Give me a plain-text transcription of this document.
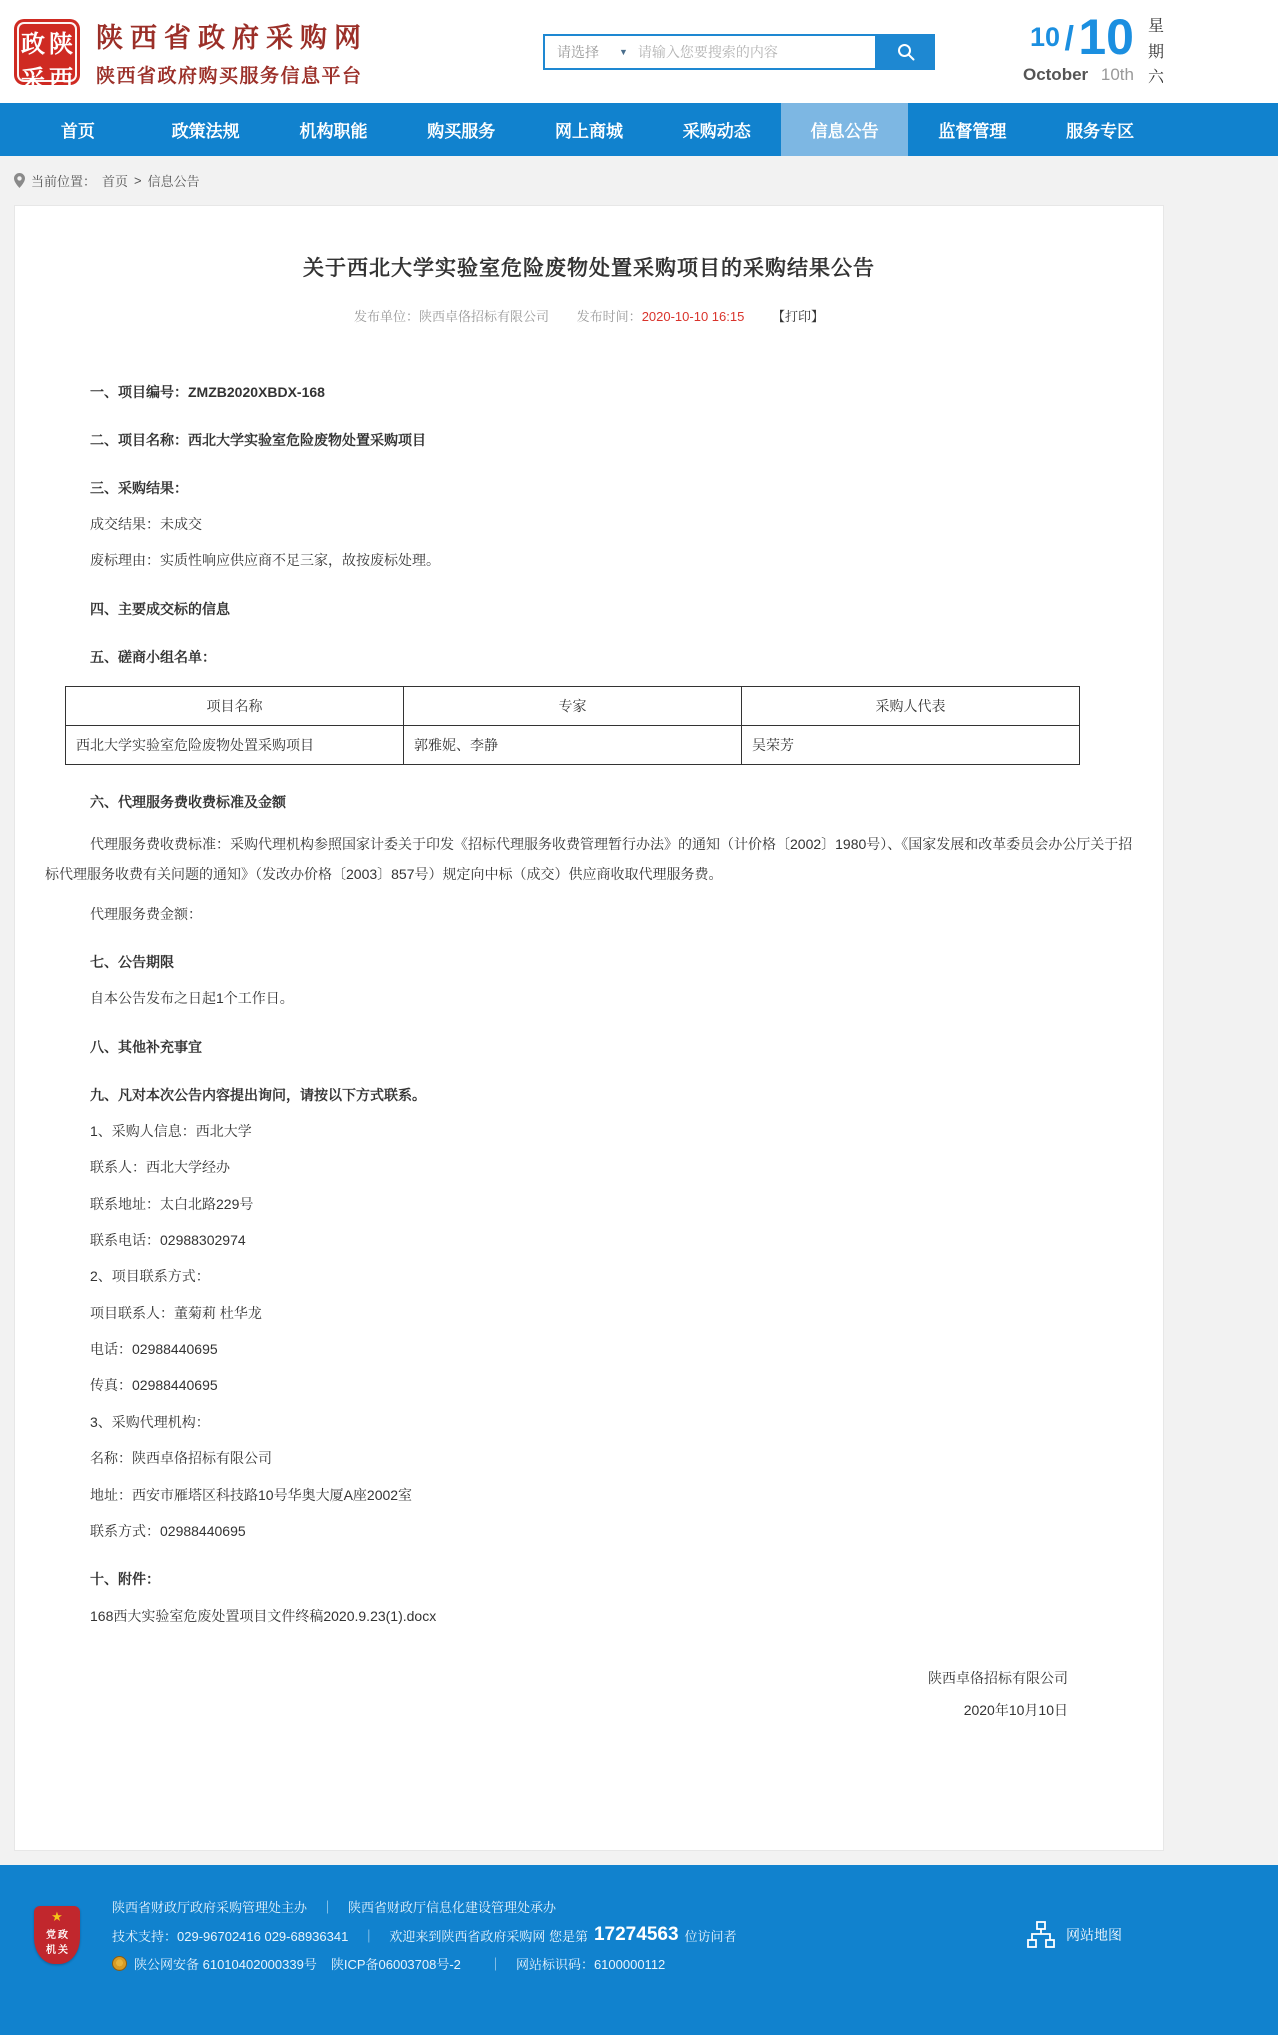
政 陕
采 西
陕西省政府采购网
陕西省政府购买服务信息平台
请选择 ▼
请输入您要搜索的内容	10 / 10
October 10th
星
期
六
首页	政策法规	机构职能	购买服务	网上商城	采购动态	信息公告	监督管理	服务专区
当前位置： 首页 > 信息公告
关于西北大学实验室危险废物处置采购项目的采购结果公告
发布单位：陕西卓佫招标有限公司 发布时间：2020-10-10 16:15 【打印】

一、项目编号：ZMZB2020XBDX-168

二、项目名称：西北大学实验室危险废物处置采购项目

三、采购结果：

成交结果：未成交

废标理由：实质性响应供应商不足三家，故按废标处理。

四、主要成交标的信息

五、磋商小组名单：

项目名称	专家	采购人代表
西北大学实验室危险废物处置采购项目	郭雅妮、李静	吴荣芳

六、代理服务费收费标准及金额

代理服务费收费标准：采购代理机构参照国家计委关于印发《招标代理服务收费管理暂行办法》的通知（计价格〔2002〕1980号）、《国家发展和改革委员会办公厅关于招标代理服务收费有关问题的通知》（发改办价格〔2003〕857号）规定向中标（成交）供应商收取代理服务费。

代理服务费金额：

七、公告期限

自本公告发布之日起1个工作日。

八、其他补充事宜

九、凡对本次公告内容提出询问，请按以下方式联系。

1、采购人信息：西北大学

联系人：西北大学经办

联系地址：太白北路229号

联系电话：02988302974

2、项目联系方式：

项目联系人：董菊莉 杜华龙

电话：02988440695

传真：02988440695

3、采购代理机构：

名称：陕西卓佫招标有限公司

地址：西安市雁塔区科技路10号华奥大厦A座2002室

联系方式：02988440695

十、附件：

168西大实验室危废处置项目文件终稿2020.9.23(1).docx

陕西卓佫招标有限公司
2020年10月10日
★
党 政
机 关
陕西省财政厅政府采购管理处主办 ｜ 陕西省财政厅信息化建设管理处承办
技术支持：029-96702416 029-68936341 ｜ 欢迎来到陕西省政府采购网 您是第 17274563 位访问者
陕公网安备 61010402000339号 陕ICP备06003708号-2 ｜ 网站标识码：6100000112
网站地图
